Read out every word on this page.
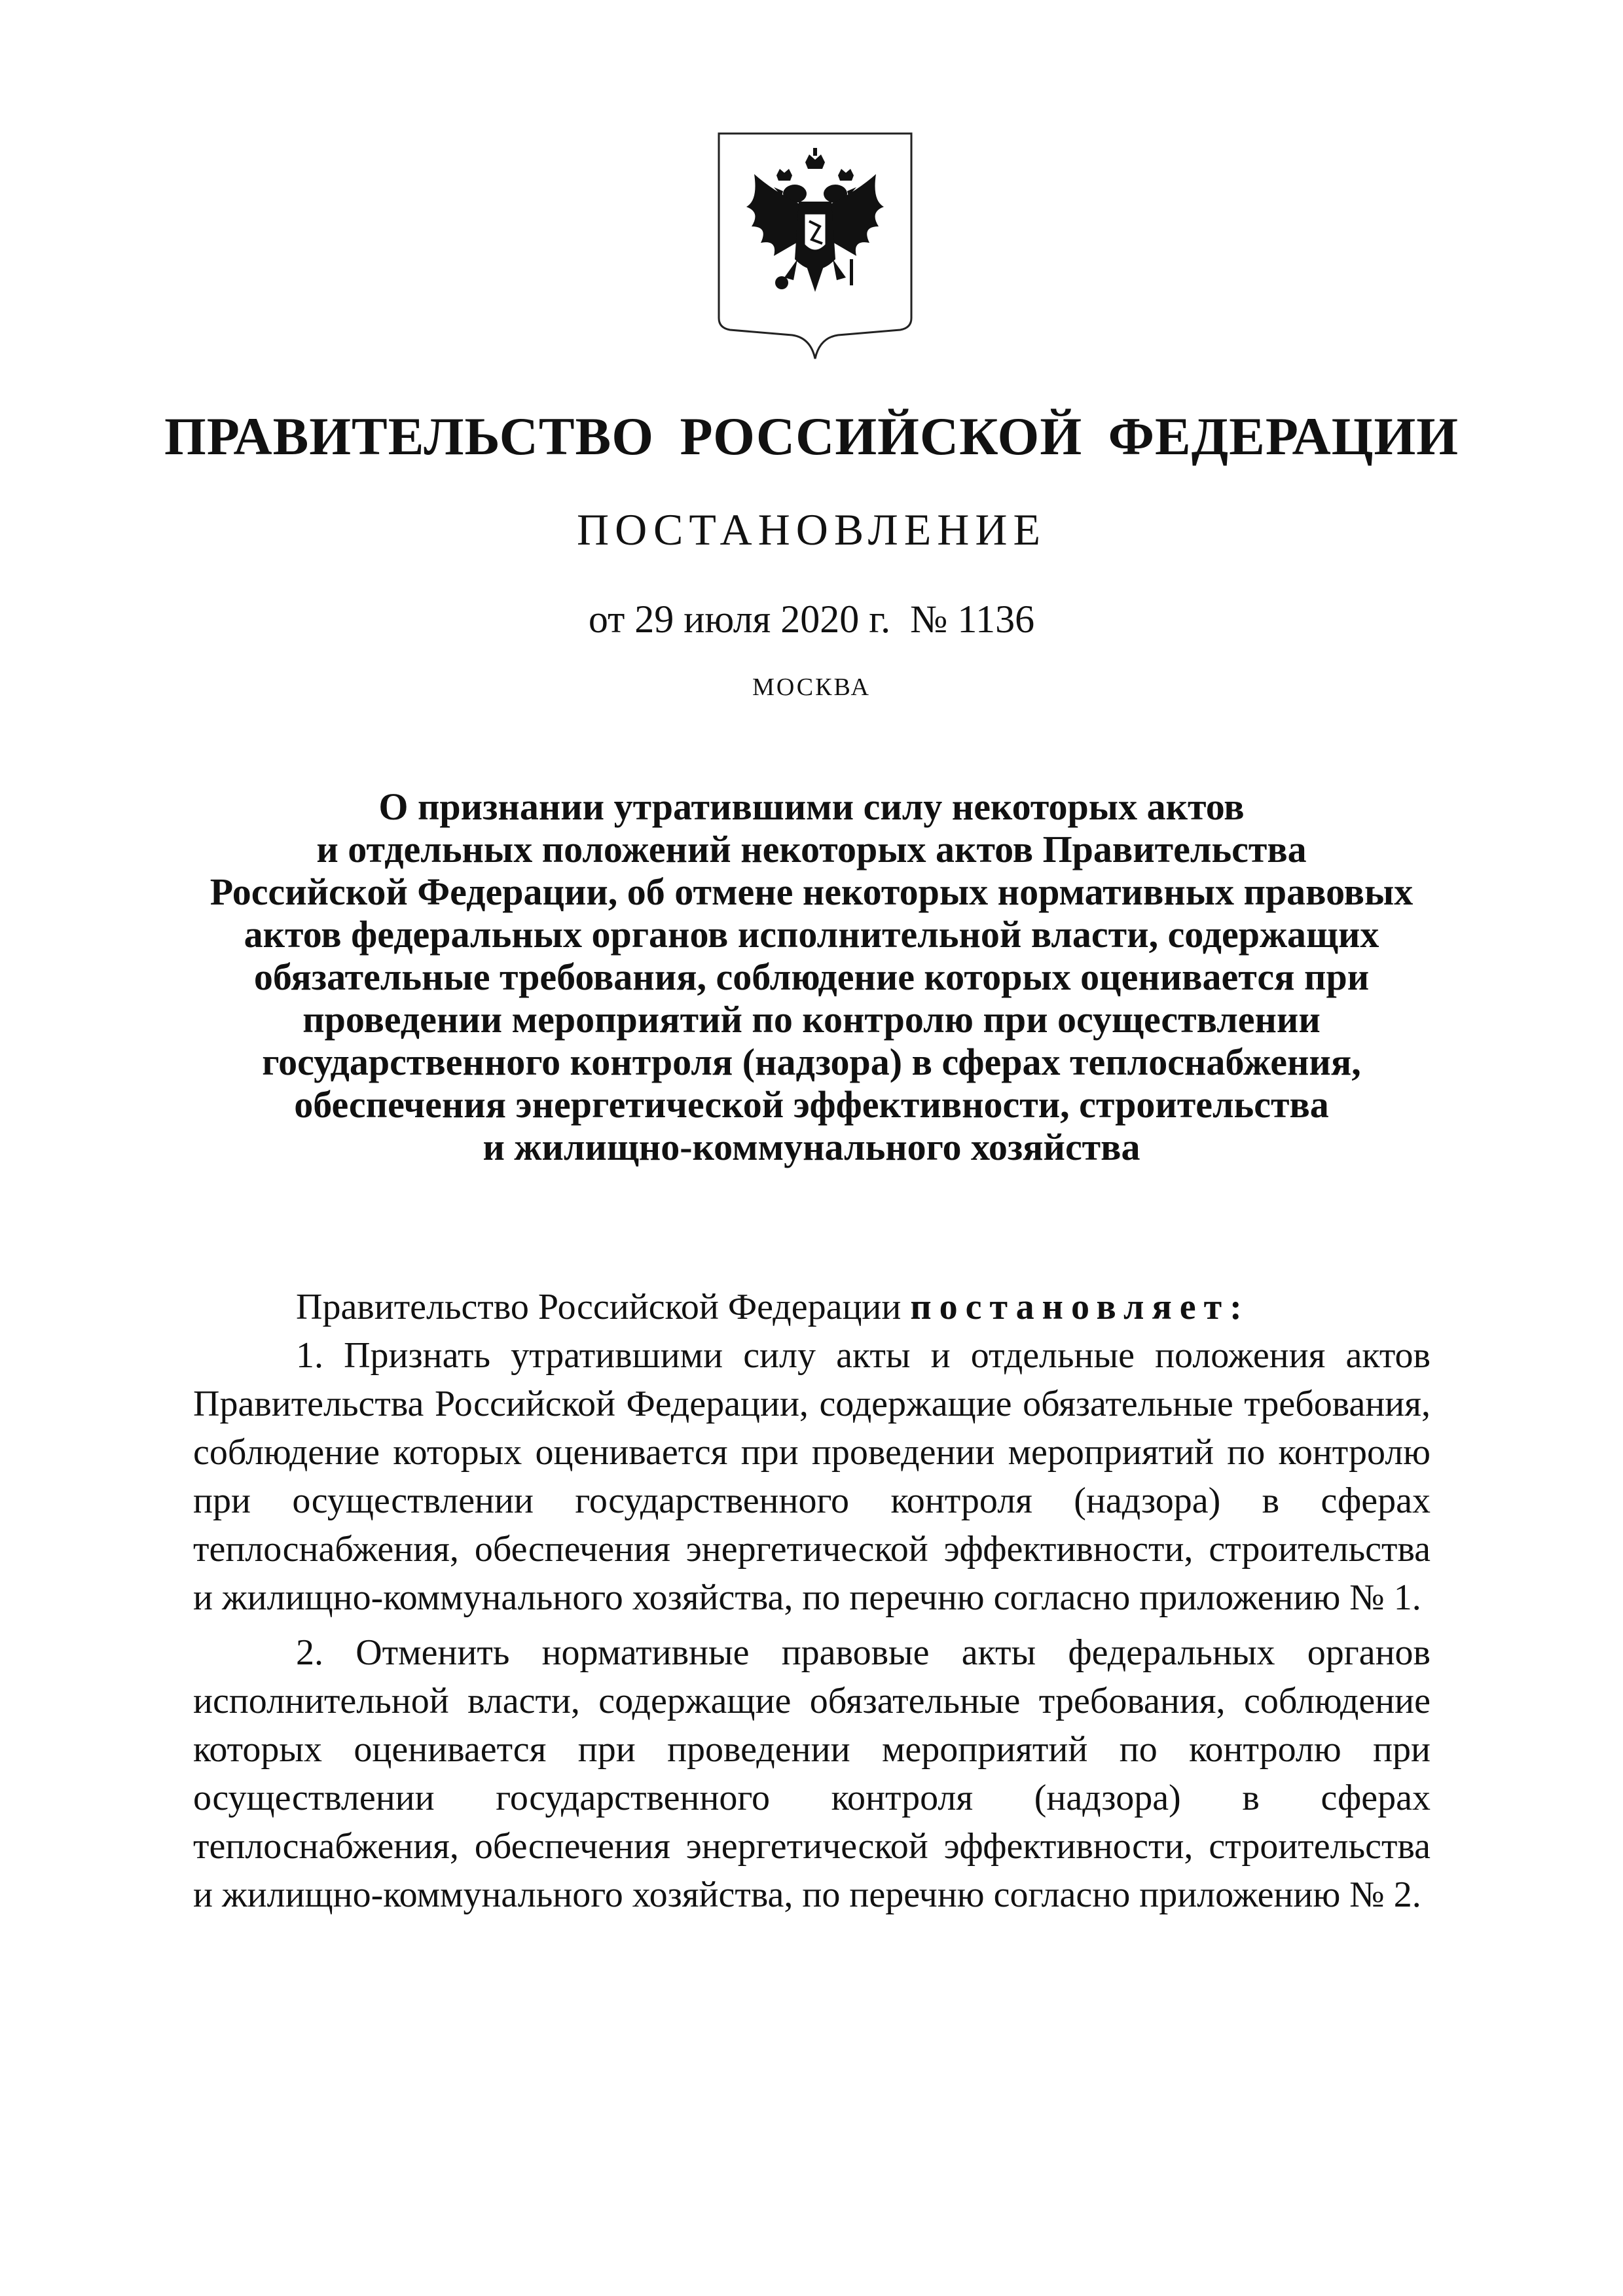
ПРАВИТЕЛЬСТВО РОССИЙСКОЙ ФЕДЕРАЦИИ
ПОСТАНОВЛЕНИЕ
от 29 июля 2020 г. № 1136
МОСКВА
О признании утратившими силу некоторых актов
и отдельных положений некоторых актов Правительства
Российской Федерации, об отмене некоторых нормативных правовых
актов федеральных органов исполнительной власти, содержащих
обязательные требования, соблюдение которых оценивается при
проведении мероприятий по контролю при осуществлении
государственного контроля (надзора) в сферах теплоснабжения,
обеспечения энергетической эффективности, строительства
и жилищно-коммунального хозяйства
Правительство Российской Федерации постановляет:

1. Признать утратившими силу акты и отдельные положения актов Правительства Российской Федерации, содержащие обязательные требования, соблюдение которых оценивается при проведении мероприятий по контролю при осуществлении государственного контроля (надзора) в сферах теплоснабжения, обеспечения энергетической эффективности, строительства и жилищно-коммунального хозяйства, по перечню согласно приложению № 1.

2. Отменить нормативные правовые акты федеральных органов исполнительной власти, содержащие обязательные требования, соблюдение которых оценивается при проведении мероприятий по контролю при осуществлении государственного контроля (надзора) в сферах теплоснабжения, обеспечения энергетической эффективности, строительства и жилищно-коммунального хозяйства, по перечню согласно приложению № 2.
